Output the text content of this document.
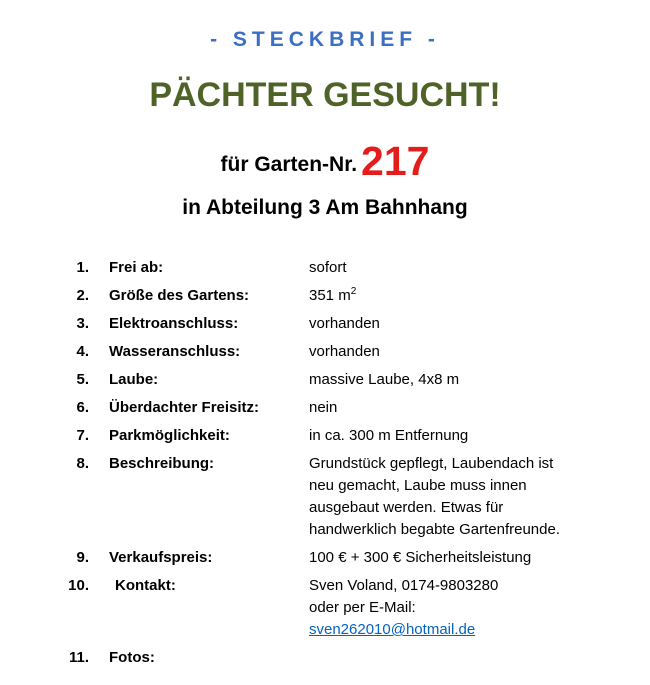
- STECKBRIEF -
PÄCHTER GESUCHT!
für Garten-Nr.217
in Abteilung 3 Am Bahnhang
1. Frei ab:	sofort
2. Größe des Gartens:	351 $m^2$
3. Elektroanschluss:	vorhanden
4. Wasseranschluss:	vorhanden
5. Laube:	massive Laube, 4x8 m
6. Überdachter Freisitz:	nein
7. Parkmöglichkeit:	in ca. 300 m Entfernung
8. Beschreibung:	Grundstück gepflegt, Laubendach ist
neu gemacht, Laube muss innen
ausgebaut werden. Etwas für
handwerklich begabte Gartenfreunde.
9. Verkaufspreis:	100 € + 300 € Sicherheitsleistung
10. Kontakt:	Sven Voland, 0174-9803280
oder per E-Mail:
sven262010@hotmail.de
11. Fotos:
